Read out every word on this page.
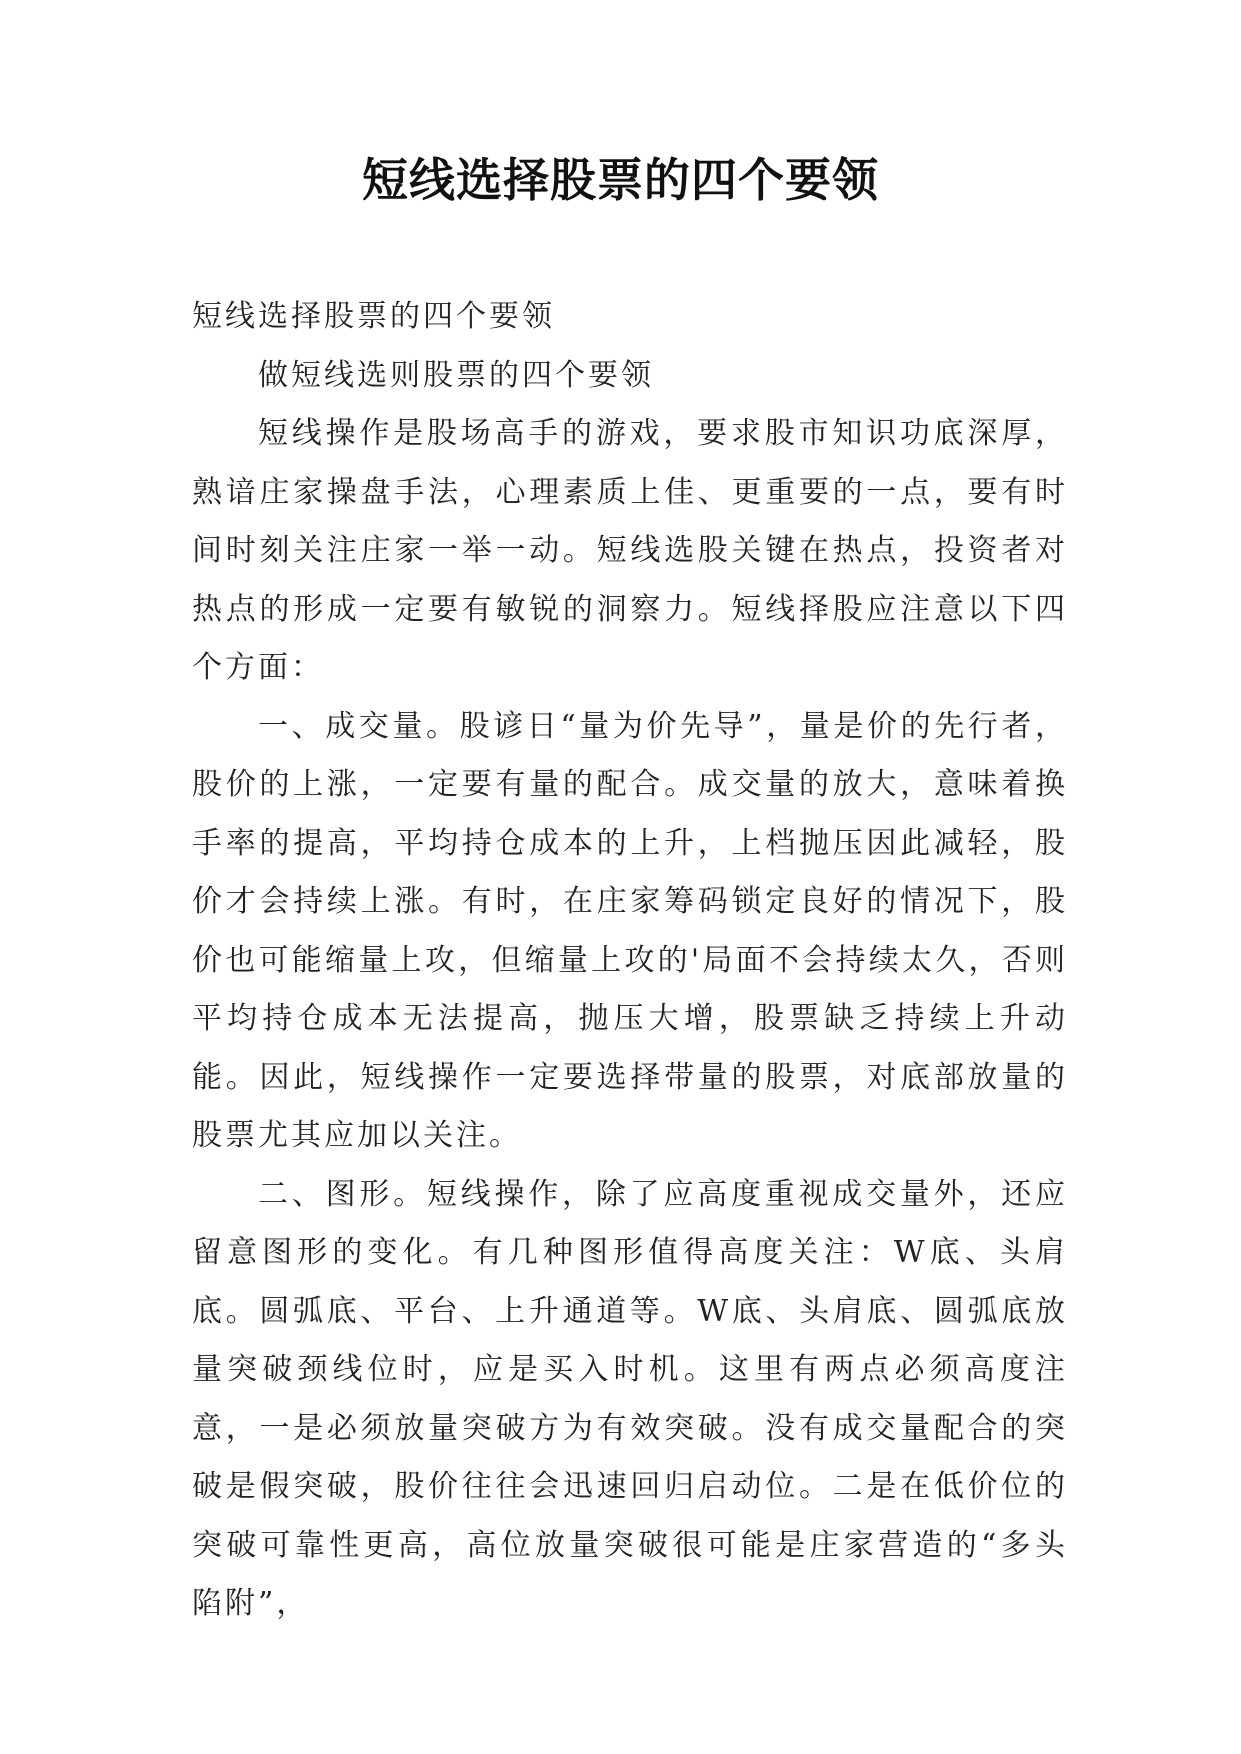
短线选择股票的四个要领

短线选择股票的四个要领

做短线选则股票的四个要领

短线操作是股场高手的游戏，要求股市知识功底深厚，熟谙庄家操盘手法，心理素质上佳、更重要的一点，要有时间时刻关注庄家一举一动。短线选股关键在热点，投资者对热点的形成一定要有敏锐的洞察力。短线择股应注意以下四个方面：

一、成交量。股谚日“量为价先导”，量是价的先行者，股价的上涨，一定要有量的配合。成交量的放大，意味着换手率的提高，平均持仓成本的上升，上档抛压因此减轻，股价才会持续上涨。有时，在庄家筹码锁定良好的情况下，股价也可能缩量上攻，但缩量上攻的'局面不会持续太久，否则平均持仓成本无法提高，抛压大增，股票缺乏持续上升动能。因此，短线操作一定要选择带量的股票，对底部放量的股票尤其应加以关注。

二、图形。短线操作，除了应高度重视成交量外，还应留意图形的变化。有几种图形值得高度关注：W底、头肩底。圆弧底、平台、上升通道等。W底、头肩底、圆弧底放量突破颈线位时，应是买入时机。这里有两点必须高度注意，一是必须放量突破方为有效突破。没有成交量配合的突破是假突破，股价往往会迅速回归启动位。二是在低价位的突破可靠性更高，高位放量突破很可能是庄家营造的“多头陷附”，
